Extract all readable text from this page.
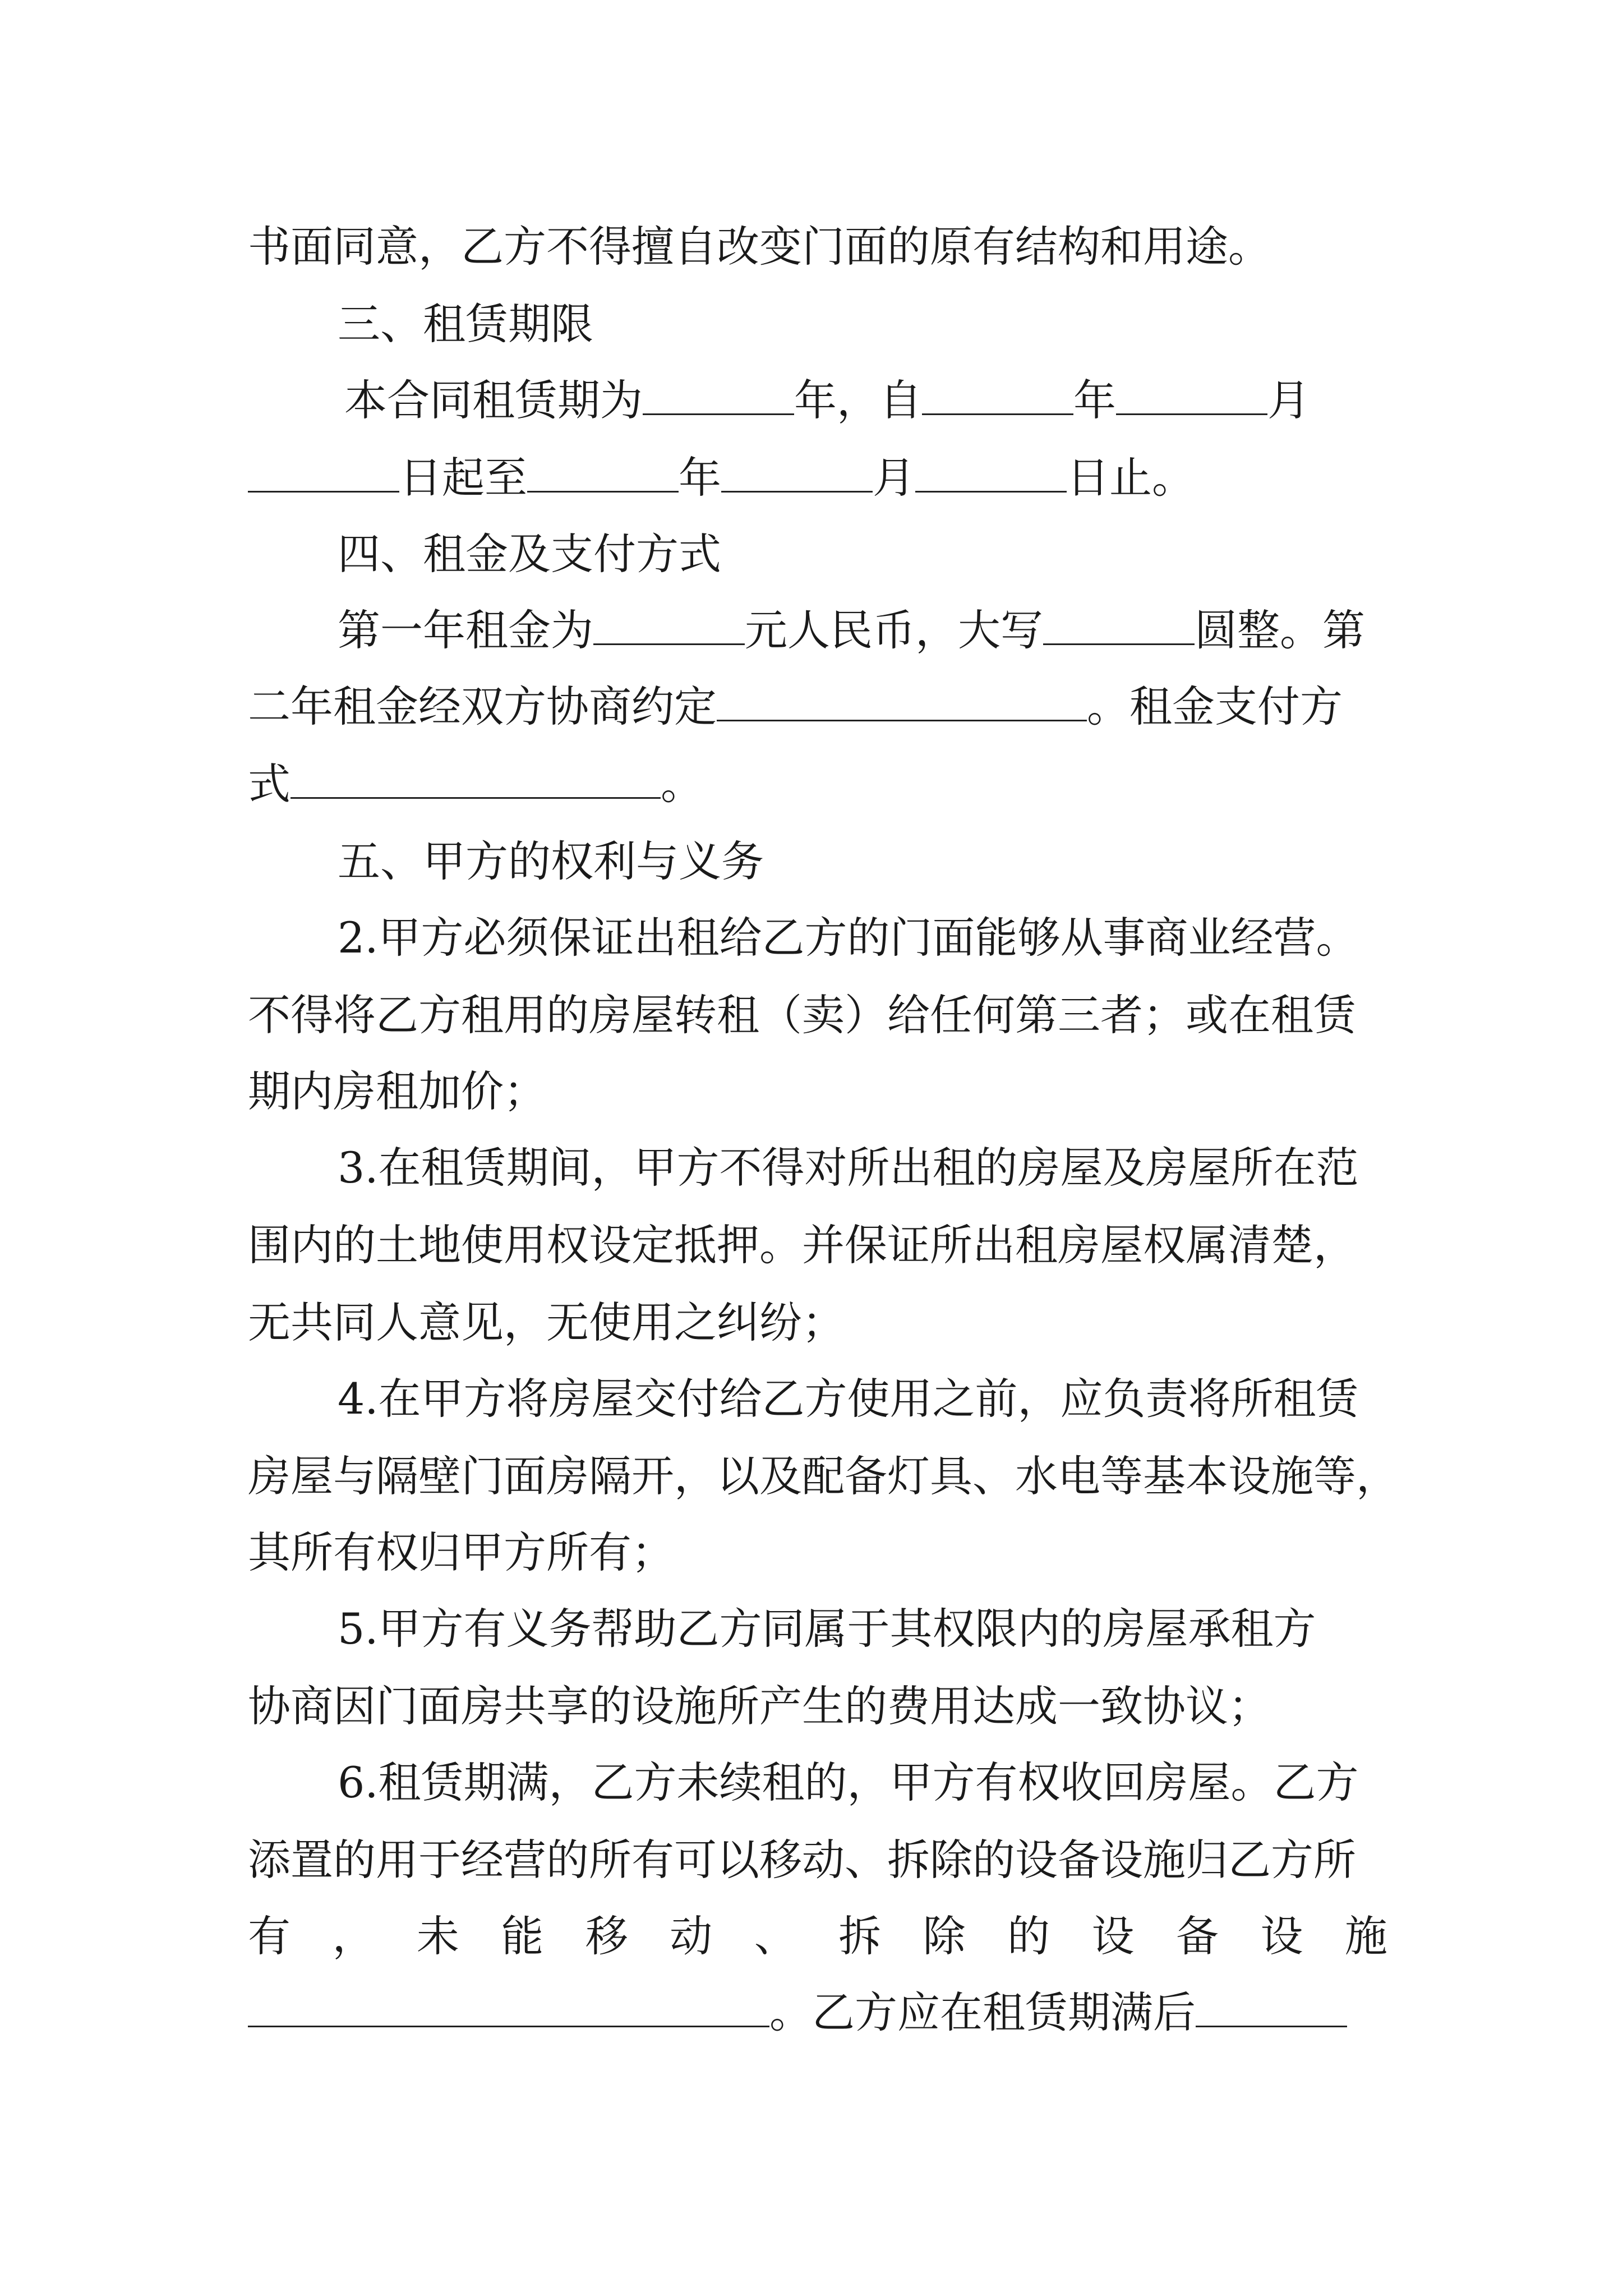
书面同意，乙方不得擅自改变门面的原有结构和用途。
三、租赁期限
本合同租赁期为	年，自	年	月
日起至	年	月	日止。
四、租金及支付方式
第一年租金为	元人民币，大写	圆整。第
二年租金经双方协商约定	。租金支付方
式	。
五、甲方的权利与义务
2.甲方必须保证出租给乙方的门面能够从事商业经营。
不得将乙方租用的房屋转租（卖）给任何第三者；或在租赁
期内房租加价；
3.在租赁期间，甲方不得对所出租的房屋及房屋所在范
围内的土地使用权设定抵押。并保证所出租房屋权属清楚，
无共同人意见，无使用之纠纷；
4.在甲方将房屋交付给乙方使用之前，应负责将所租赁
房屋与隔壁门面房隔开，以及配备灯具、水电等基本设施等，
其所有权归甲方所有；
5.甲方有义务帮助乙方同属于其权限内的房屋承租方
协商因门面房共享的设施所产生的费用达成一致协议；
6.租赁期满，乙方未续租的，甲方有权收回房屋。乙方
添置的用于经营的所有可以移动、拆除的设备设施归乙方所
有 ， 未 能 移 动 、 拆 除 的 设 备 设 施
。乙方应在租赁期满后
